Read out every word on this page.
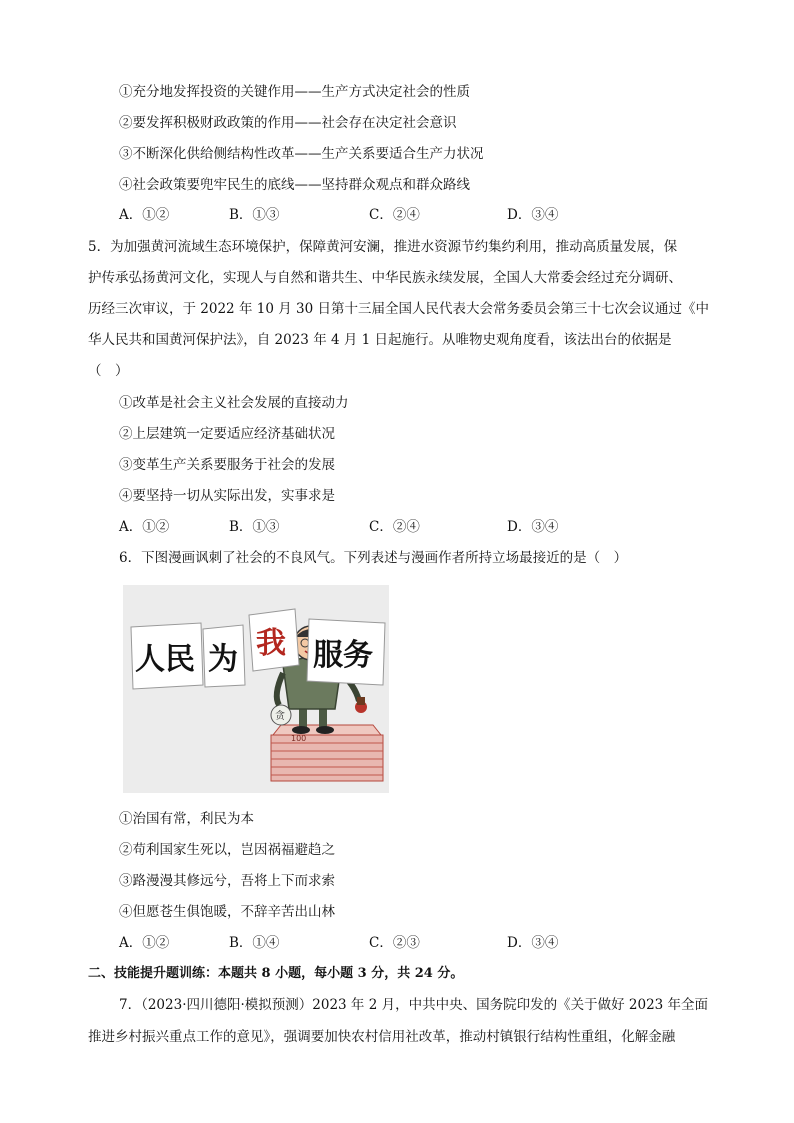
①充分地发挥投资的关键作用——生产方式决定社会的性质
②要发挥积极财政政策的作用——社会存在决定社会意识
③不断深化供给侧结构性改革——生产关系要适合生产力状况
④社会政策要兜牢民生的底线——坚持群众观点和群众路线
A．①②	B．①③	C．②④	D．③④
5．为加强黄河流域生态环境保护，保障黄河安澜，推进水资源节约集约利用，推动高质量发展，保
护传承弘扬黄河文化，实现人与自然和谐共生、中华民族永续发展，全国人大常委会经过充分调研、
历经三次审议，于 2022 年 10 月 30 日第十三届全国人民代表大会常务委员会第三十七次会议通过《中
华人民共和国黄河保护法》，自 2023 年 4 月 1 日起施行。从唯物史观角度看，该法出台的依据是
（　）
①改革是社会主义社会发展的直接动力
②上层建筑一定要适应经济基础状况
③变革生产关系要服务于社会的发展
④要坚持一切从实际出发，实事求是
A．①②	B．①③	C．②④	D．③④
6．下图漫画讽刺了社会的不良风气。下列表述与漫画作者所持立场最接近的是（　）
100
贪
人民 为 我 服务
①治国有常，利民为本
②苟利国家生死以，岂因祸福避趋之
③路漫漫其修远兮，吾将上下而求索
④但愿苍生俱饱暖，不辞辛苦出山林
A．①②	B．①④	C．②③	D．③④
二、技能提升题训练：本题共 8 小题，每小题 3 分，共 24 分。
7．（2023·四川德阳·模拟预测）2023 年 2 月，中共中央、国务院印发的《关于做好 2023 年全面
推进乡村振兴重点工作的意见》，强调要加快农村信用社改革，推动村镇银行结构性重组，化解金融
